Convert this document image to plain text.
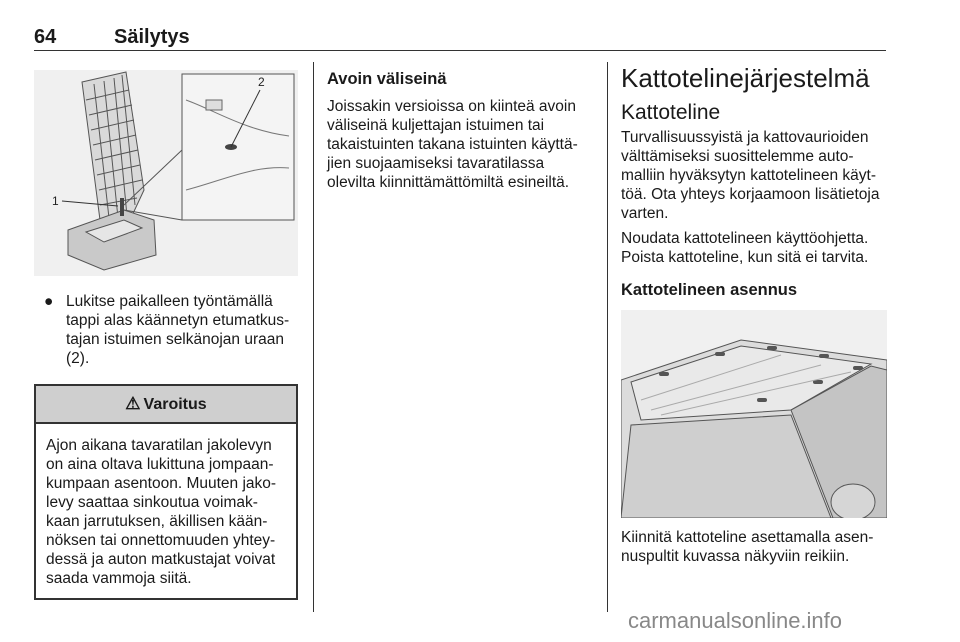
64	Säilytys
1
2
● Lukitse paikalleen työntämällä tappi alas käännetyn etumatkustajan istuimen selkänojan uraan (2).
⚠ Varoitus
Ajon aikana tavaratilan jakolevyn on aina oltava lukittuna jompaankumpaan asentoon. Muuten jakolevy saattaa sinkoutua voimakkaan jarrutuksen, äkillisen käännöksen tai onnettomuuden yhteydessä ja auton matkustajat voivat saada vammoja siitä.
Avoin väliseinä

Joissakin versioissa on kiinteä avoin väliseinä kuljettajan istuimen tai takaistuinten takana istuinten käyttäjien suojaamiseksi tavaratilassa olevilta kiinnittämättömiltä esineiltä.

Kattotelinejärjestelmä
Kattoteline

Turvallisuussyistä ja kattovaurioiden välttämiseksi suosittelemme automalliin hyväksytyn kattotelineen käyttöä. Ota yhteys korjaamoon lisätietoja varten.

Noudata kattotelineen käyttöohjetta. Poista kattoteline, kun sitä ei tarvita.

Kattotelineen asennus

Kiinnitä kattoteline asettamalla asennuspultit kuvassa näkyviin reikiin.

carmanualsonline.info
